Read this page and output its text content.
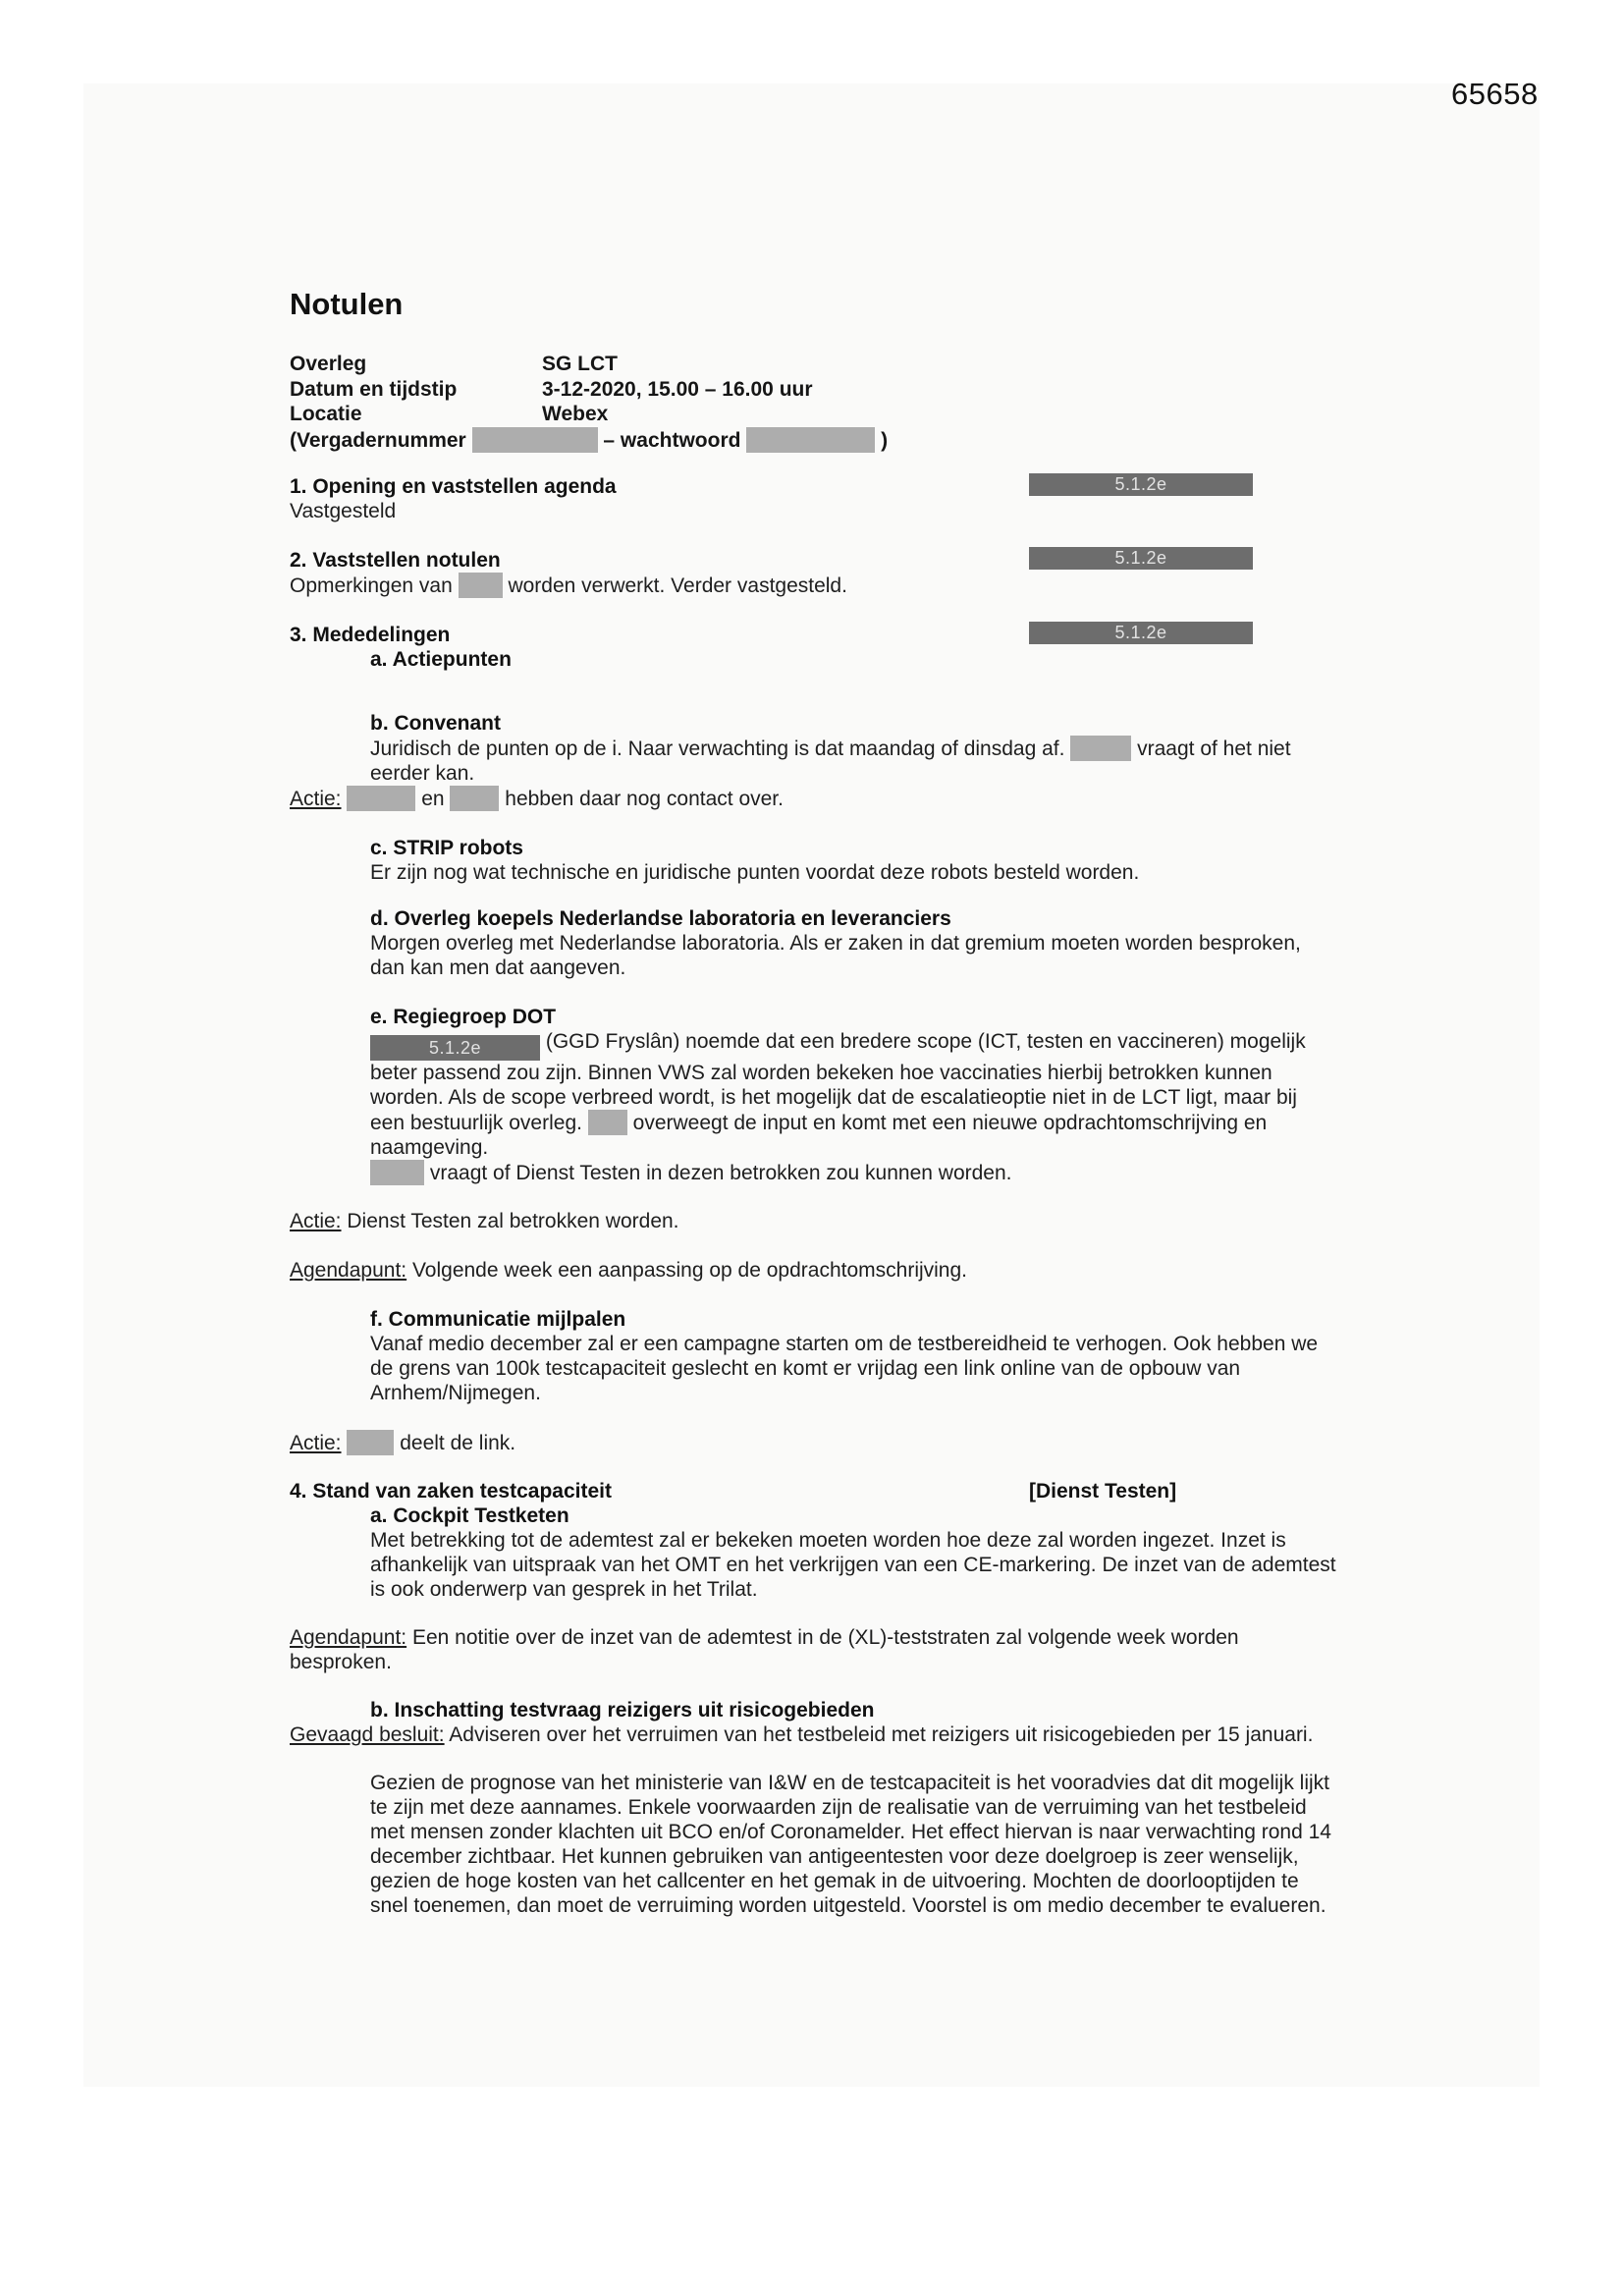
65658
Notulen
Overleg	SG LCT
Datum en tijdstip	3-12-2020, 15.00 – 16.00 uur
Locatie	Webex
(Vergadernummer	– wachtwoord	)
1. Opening en vaststellen agenda	5.1.2e

Vastgesteld

2. Vaststellen notulen	5.1.2e

Opmerkingen van	worden verwerkt. Verder vastgesteld.

3. Mededelingen	5.1.2e
a. Actiepunten
b. Convenant

Juridisch de punten op de i. Naar verwachting is dat maandag of dinsdag af.	vraagt of het niet eerder kan.

Actie:	en	hebben daar nog contact over.

c. STRIP robots

Er zijn nog wat technische en juridische punten voordat deze robots besteld worden.

d. Overleg koepels Nederlandse laboratoria en leveranciers

Morgen overleg met Nederlandse laboratoria. Als er zaken in dat gremium moeten worden besproken, dan kan men dat aangeven.

e. Regiegroep DOT

5.1.2e	(GGD Fryslân) noemde dat een bredere scope (ICT, testen en vaccineren) mogelijk beter passend zou zijn. Binnen VWS zal worden bekeken hoe vaccinaties hierbij betrokken kunnen worden. Als de scope verbreed wordt, is het mogelijk dat de escalatieoptie niet in de LCT ligt, maar bij een bestuurlijk overleg. overweegt de input en komt met een nieuwe opdrachtomschrijving en naamgeving.

vraagt of Dienst Testen in dezen betrokken zou kunnen worden.

Actie: Dienst Testen zal betrokken worden.

Agendapunt: Volgende week een aanpassing op de opdrachtomschrijving.

f. Communicatie mijlpalen

Vanaf medio december zal er een campagne starten om de testbereidheid te verhogen. Ook hebben we de grens van 100k testcapaciteit geslecht en komt er vrijdag een link online van de opbouw van Arnhem/Nijmegen.

Actie:	deelt de link.

4. Stand van zaken testcapaciteit	[Dienst Testen]
a. Cockpit Testketen

Met betrekking tot de ademtest zal er bekeken moeten worden hoe deze zal worden ingezet. Inzet is afhankelijk van uitspraak van het OMT en het verkrijgen van een CE-markering. De inzet van de ademtest is ook onderwerp van gesprek in het Trilat.

Agendapunt: Een notitie over de inzet van de ademtest in de (XL)-teststraten zal volgende week worden besproken.

b. Inschatting testvraag reizigers uit risicogebieden

Gevaagd besluit: Adviseren over het verruimen van het testbeleid met reizigers uit risicogebieden per 15 januari.

Gezien de prognose van het ministerie van I&W en de testcapaciteit is het vooradvies dat dit mogelijk lijkt te zijn met deze aannames. Enkele voorwaarden zijn de realisatie van de verruiming van het testbeleid met mensen zonder klachten uit BCO en/of Coronamelder. Het effect hiervan is naar verwachting rond 14 december zichtbaar. Het kunnen gebruiken van antigeentesten voor deze doelgroep is zeer wenselijk, gezien de hoge kosten van het callcenter en het gemak in de uitvoering. Mochten de doorlooptijden te snel toenemen, dan moet de verruiming worden uitgesteld. Voorstel is om medio december te evalueren.
